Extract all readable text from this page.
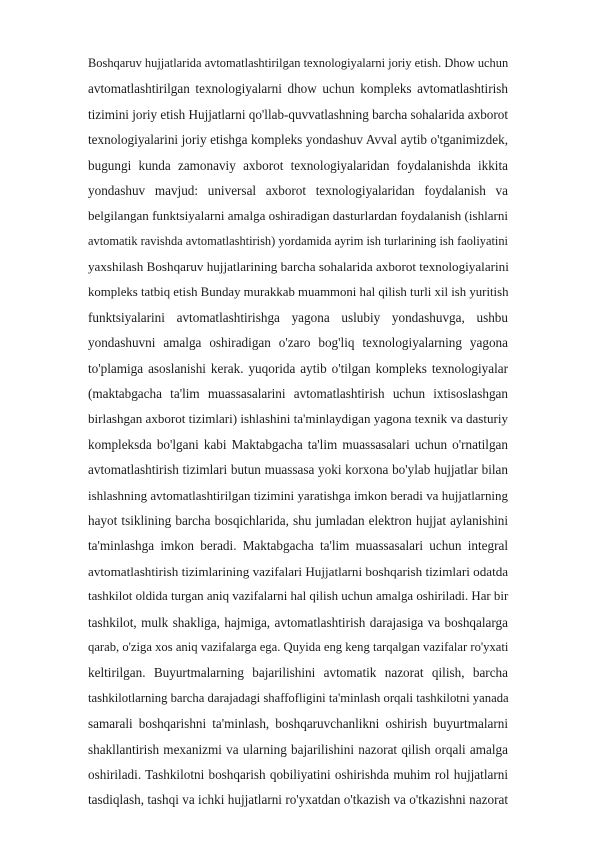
Boshqaruv hujjatlarida avtomatlashtirilgan texnologiyalarni joriy etish. Dhow uchun
avtomatlashtirilgan texnologiyalarni dhow uchun kompleks avtomatlashtirish
tizimini joriy etish Hujjatlarni qo'llab-quvvatlashning barcha sohalarida axborot
texnologiyalarini joriy etishga kompleks yondashuv Avval aytib o'tganimizdek,
bugungi kunda zamonaviy axborot texnologiyalaridan foydalanishda ikkita
yondashuv mavjud: universal axborot texnologiyalaridan foydalanish va
belgilangan funktsiyalarni amalga oshiradigan dasturlardan foydalanish (ishlarni
avtomatik ravishda avtomatlashtirish) yordamida ayrim ish turlarining ish faoliyatini
yaxshilash Boshqaruv hujjatlarining barcha sohalarida axborot texnologiyalarini
kompleks tatbiq etish Bunday murakkab muammoni hal qilish turli xil ish yuritish
funktsiyalarini avtomatlashtirishga yagona uslubiy yondashuvga, ushbu
yondashuvni amalga oshiradigan o'zaro bog'liq texnologiyalarning yagona
to'plamiga asoslanishi kerak. yuqorida aytib o'tilgan kompleks texnologiyalar
(maktabgacha ta'lim muassasalarini avtomatlashtirish uchun ixtisoslashgan
birlashgan axborot tizimlari) ishlashini ta'minlaydigan yagona texnik va dasturiy
kompleksda bo'lgani kabi Maktabgacha ta'lim muassasalari uchun o'rnatilgan
avtomatlashtirish tizimlari butun muassasa yoki korxona bo'ylab hujjatlar bilan
ishlashning avtomatlashtirilgan tizimini yaratishga imkon beradi va hujjatlarning
hayot tsiklining barcha bosqichlarida, shu jumladan elektron hujjat aylanishini
ta'minlashga imkon beradi. Maktabgacha ta'lim muassasalari uchun integral
avtomatlashtirish tizimlarining vazifalari Hujjatlarni boshqarish tizimlari odatda
tashkilot oldida turgan aniq vazifalarni hal qilish uchun amalga oshiriladi. Har bir
tashkilot, mulk shakliga, hajmiga, avtomatlashtirish darajasiga va boshqalarga
qarab, o'ziga xos aniq vazifalarga ega. Quyida eng keng tarqalgan vazifalar ro'yxati
keltirilgan. Buyurtmalarning bajarilishini avtomatik nazorat qilish, barcha
tashkilotlarning barcha darajadagi shaffofligini ta'minlash orqali tashkilotni yanada
samarali boshqarishni ta'minlash, boshqaruvchanlikni oshirish buyurtmalarni
shakllantirish mexanizmi va ularning bajarilishini nazorat qilish orqali amalga
oshiriladi. Tashkilotni boshqarish qobiliyatini oshirishda muhim rol hujjatlarni
tasdiqlash, tashqi va ichki hujjatlarni ro'yxatdan o'tkazish va o'tkazishni nazorat
